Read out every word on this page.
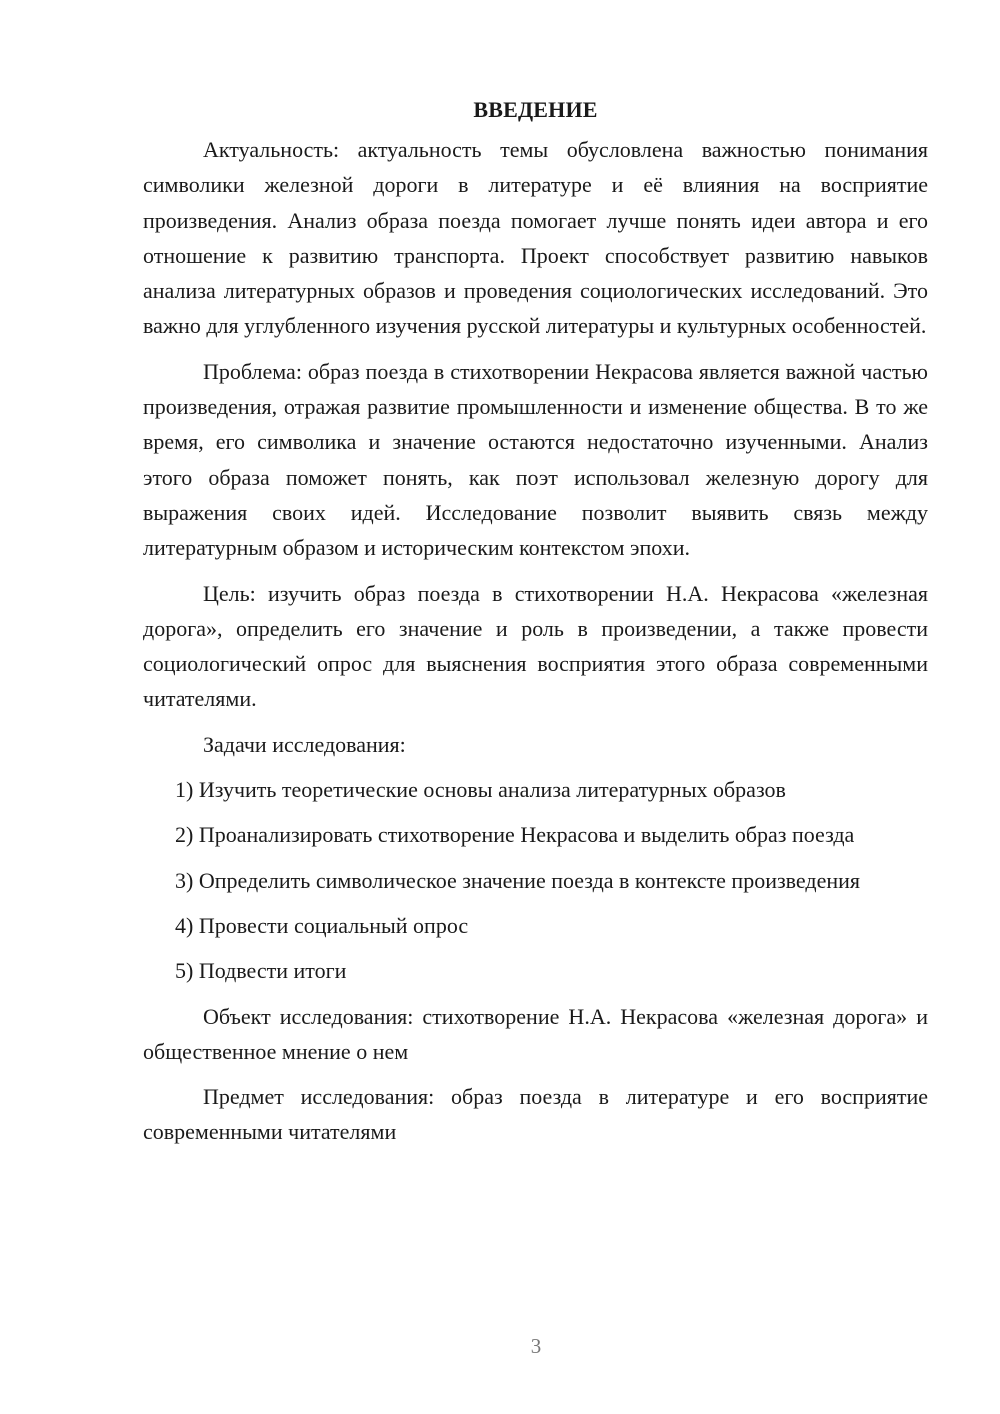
ВВЕДЕНИЕ

Актуальность: актуальность темы обусловлена важностью понимания символики железной дороги в литературе и её влияния на восприятие произведения. Анализ образа поезда помогает лучше понять идеи автора и его отношение к развитию транспорта. Проект способствует развитию навыков анализа литературных образов и проведения социологических исследований. Это важно для углубленного изучения русской литературы и культурных особенностей.

Проблема: образ поезда в стихотворении Некрасова является важной частью произведения, отражая развитие промышленности и изменение общества. В то же время, его символика и значение остаются недостаточно изученными. Анализ этого образа поможет понять, как поэт использовал железную дорогу для выражения своих идей. Исследование позволит выявить связь между литературным образом и историческим контекстом эпохи.

Цель: изучить образ поезда в стихотворении Н.А. Некрасова «железная дорога», определить его значение и роль в произведении, а также провести социологический опрос для выяснения восприятия этого образа современными читателями.

Задачи исследования:

1) Изучить теоретические основы анализа литературных образов

2) Проанализировать стихотворение Некрасова и выделить образ поезда

3) Определить символическое значение поезда в контексте произведения

4) Провести социальный опрос

5) Подвести итоги

Объект исследования: стихотворение Н.А. Некрасова «железная дорога» и общественное мнение о нем

Предмет исследования: образ поезда в литературе и его восприятие современными читателями

3
